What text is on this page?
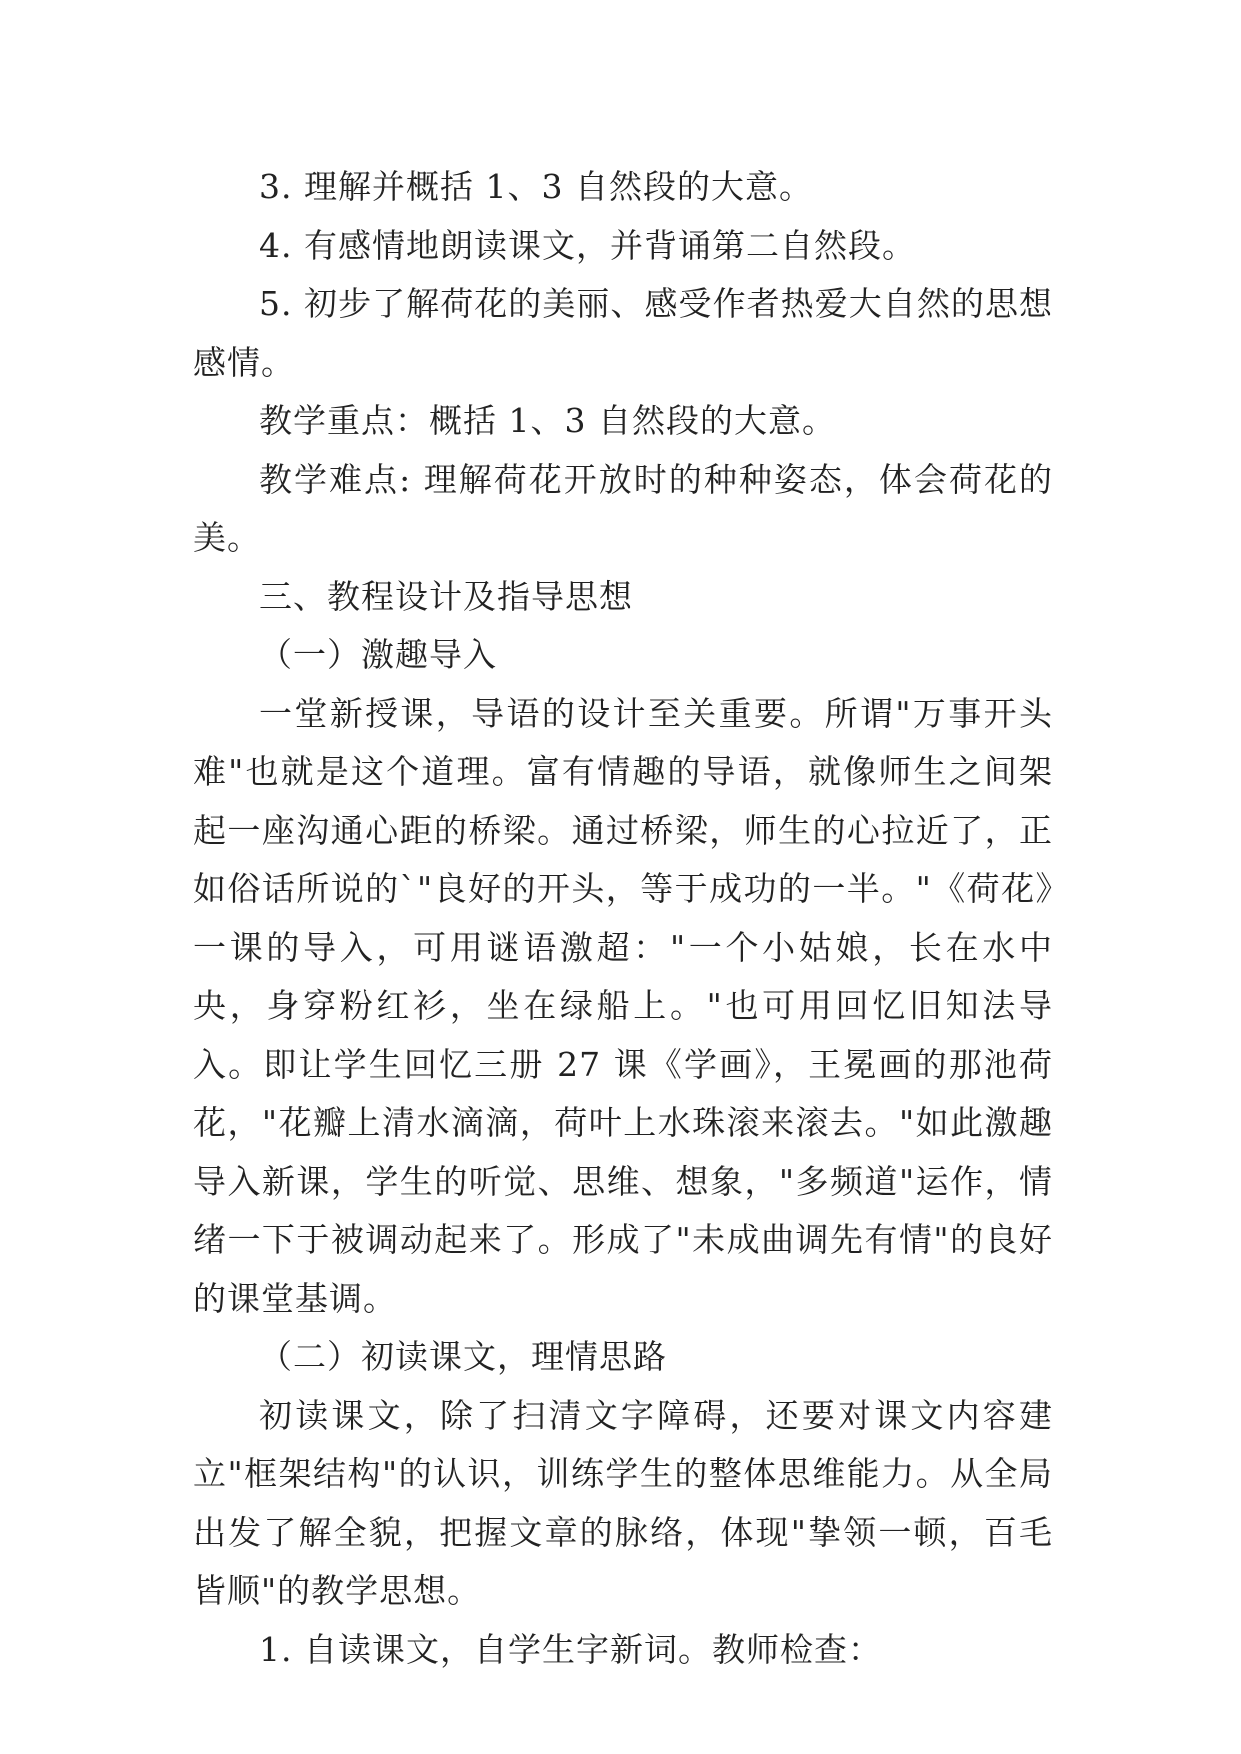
3. 理解并概括 1、3 自然段的大意。

4. 有感情地朗读课文，并背诵第二自然段。

5. 初步了解荷花的美丽、感受作者热爱大自然的思想感情。

教学重点：概括 1、3 自然段的大意。

教学难点: 理解荷花开放时的种种姿态，体会荷花的美。

三、教程设计及指导思想

（一）激趣导入

一堂新授课，导语的设计至关重要。所谓"万事开头难"也就是这个道理。富有情趣的导语，就像师生之间架起一座沟通心距的桥梁。通过桥梁，师生的心拉近了，正如俗话所说的`"良好的开头，等于成功的一半。"《荷花》一课的导入，可用谜语激超："一个小姑娘，长在水中央，身穿粉红衫，坐在绿船上。"也可用回忆旧知法导入。即让学生回忆三册 27 课《学画》，王冕画的那池荷花，"花瓣上清水滴滴，荷叶上水珠滚来滚去。"如此激趣导入新课，学生的听觉、思维、想象，"多频道"运作，情绪一下于被调动起来了。形成了"未成曲调先有情"的良好的课堂基调。

（二）初读课文，理情思路

初读课文，除了扫清文字障碍，还要对课文内容建立"框架结构"的认识，训练学生的整体思维能力。从全局出发了解全貌，把握文章的脉络，体现"挚领一顿，百毛皆顺"的教学思想。

1. 自读课文，自学生字新词。教师检查：
